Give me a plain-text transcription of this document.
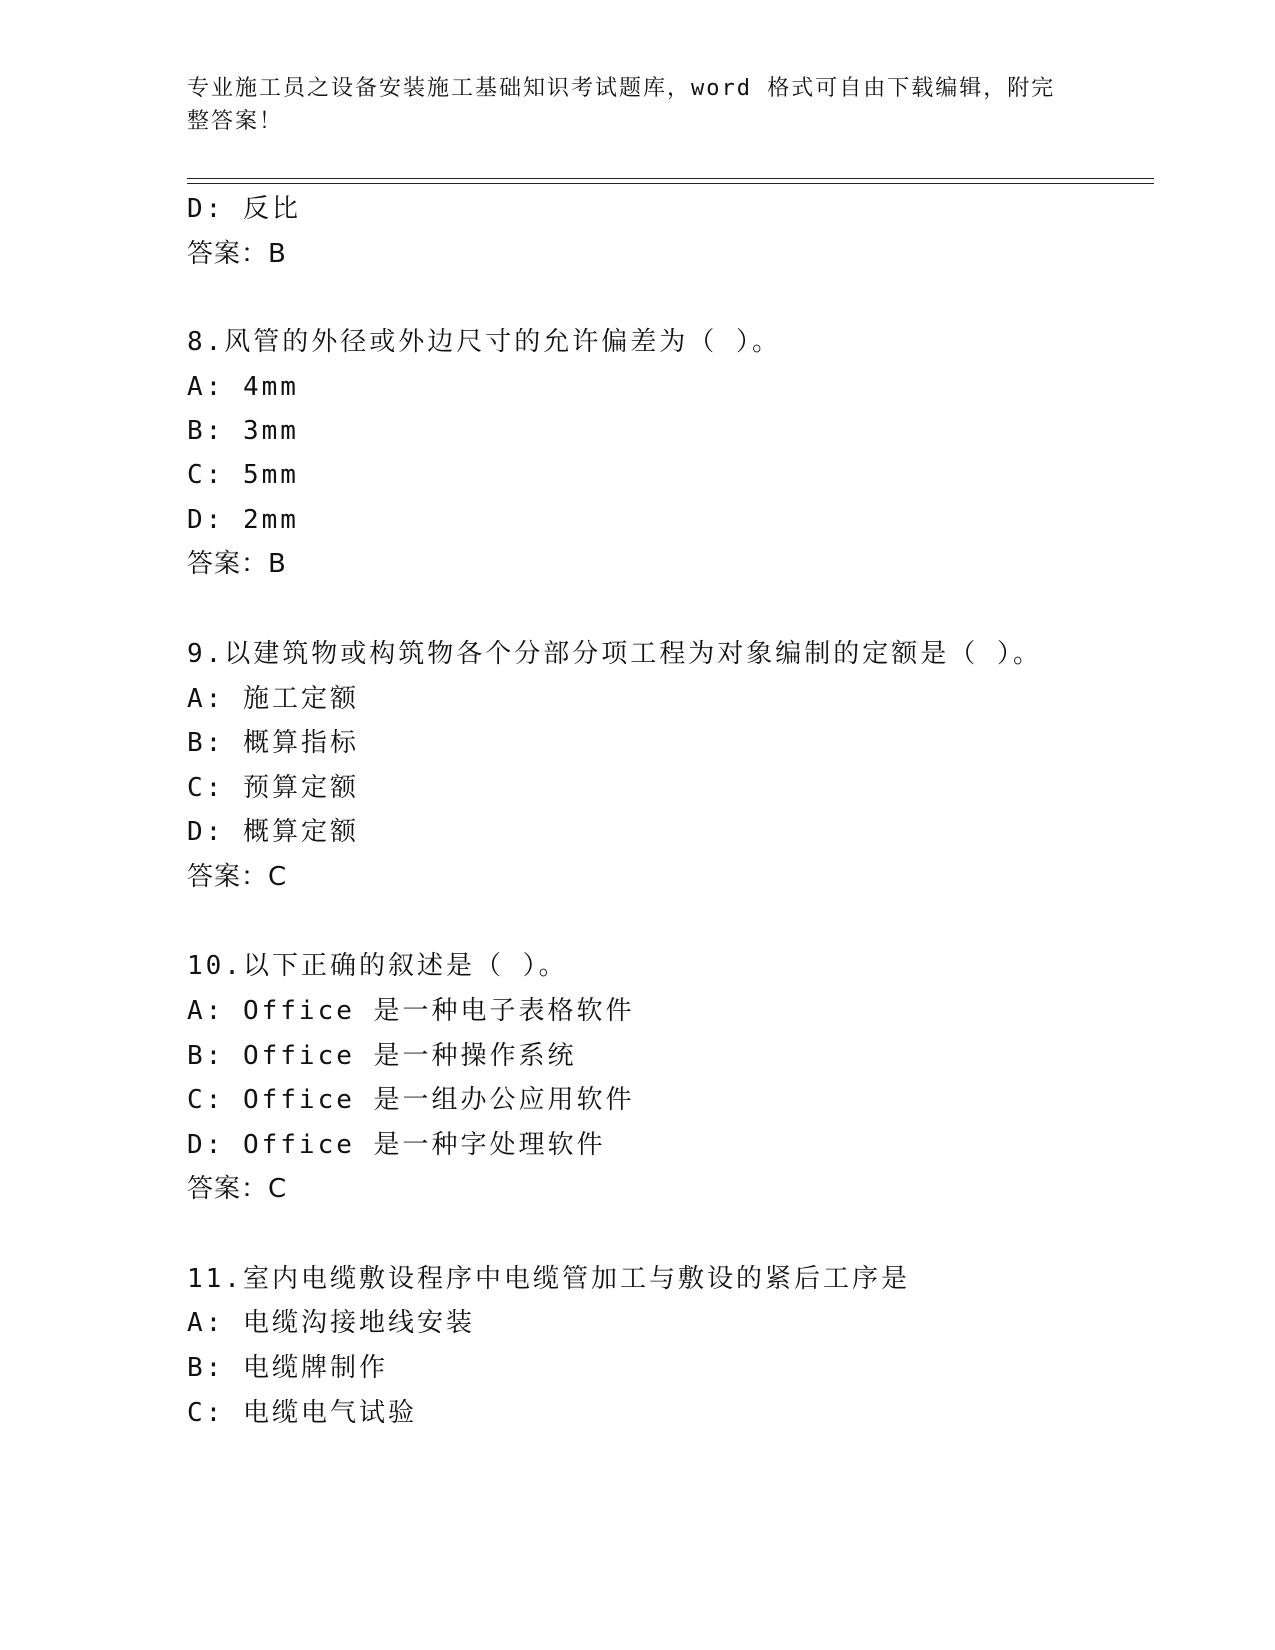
专业施工员之设备安装施工基础知识考试题库，word 格式可自由下载编辑，附完
整答案！
D: 反比
答案：B
8.风管的外径或外边尺寸的允许偏差为（ ）。
A: 4mm
B: 3mm
C: 5mm
D: 2mm
答案：B
9.以建筑物或构筑物各个分部分项工程为对象编制的定额是（ ）。
A: 施工定额
B: 概算指标
C: 预算定额
D: 概算定额
答案：C
10.以下正确的叙述是（ ）。
A: Office 是一种电子表格软件
B: Office 是一种操作系统
C: Office 是一组办公应用软件
D: Office 是一种字处理软件
答案：C
11.室内电缆敷设程序中电缆管加工与敷设的紧后工序是
A: 电缆沟接地线安装
B: 电缆牌制作
C: 电缆电气试验
